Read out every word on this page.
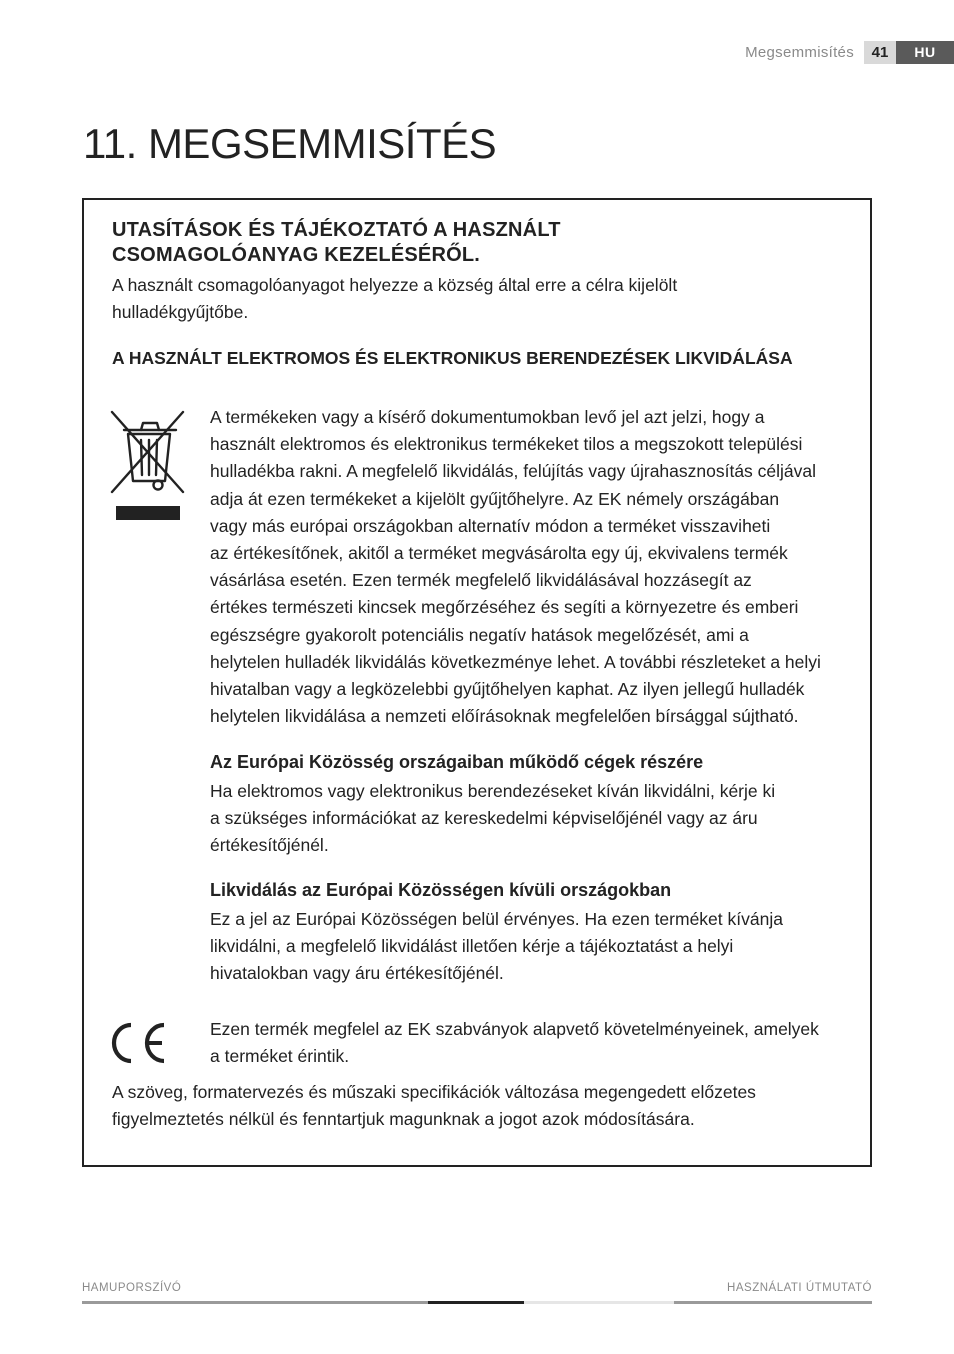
Megsemmisítés	41	HU
11. MEGSEMMISÍTÉS
UTASÍTÁSOK ÉS TÁJÉKOZTATÓ A HASZNÁLT
CSOMAGOLÓANYAG KEZELÉSÉRŐL.
A használt csomagolóanyagot helyezze a község által erre a célra kijelölt
hulladékgyűjtőbe.
A HASZNÁLT ELEKTROMOS ÉS ELEKTRONIKUS BERENDEZÉSEK LIKVIDÁLÁSA
A termékeken vagy a kísérő dokumentumokban levő jel azt jelzi, hogy a
használt elektromos és elektronikus termékeket tilos a megszokott települési
hulladékba rakni. A megfelelő likvidálás, felújítás vagy újrahasznosítás céljával
adja át ezen termékeket a kijelölt gyűjtőhelyre. Az EK némely országában
vagy más európai országokban alternatív módon a terméket visszaviheti
az értékesítőnek, akitől a terméket megvásárolta egy új, ekvivalens termék
vásárlása esetén. Ezen termék megfelelő likvidálásával hozzásegít az
értékes természeti kincsek megőrzéséhez és segíti a környezetre és emberi
egészségre gyakorolt potenciális negatív hatások megelőzését, ami a
helytelen hulladék likvidálás következménye lehet. A további részleteket a helyi
hivatalban vagy a legközelebbi gyűjtőhelyen kaphat. Az ilyen jellegű hulladék
helytelen likvidálása a nemzeti előírásoknak megfelelően bírsággal sújtható.
Az Európai Közösség országaiban működő cégek részére
Ha elektromos vagy elektronikus berendezéseket kíván likvidálni, kérje ki
a szükséges információkat az kereskedelmi képviselőjénél vagy az áru
értékesítőjénél.
Likvidálás az Európai Közösségen kívüli országokban
Ez a jel az Európai Közösségen belül érvényes. Ha ezen terméket kívánja
likvidálni, a megfelelő likvidálást illetően kérje a tájékoztatást a helyi
hivatalokban vagy áru értékesítőjénél.
Ezen termék megfelel az EK szabványok alapvető követelményeinek, amelyek
a terméket érintik.
A szöveg, formatervezés és műszaki specifikációk változása megengedett előzetes
figyelmeztetés nélkül és fenntartjuk magunknak a jogot azok módosítására.
HAMUPORSZÍVÓ	HASZNÁLATI ÚTMUTATÓ
